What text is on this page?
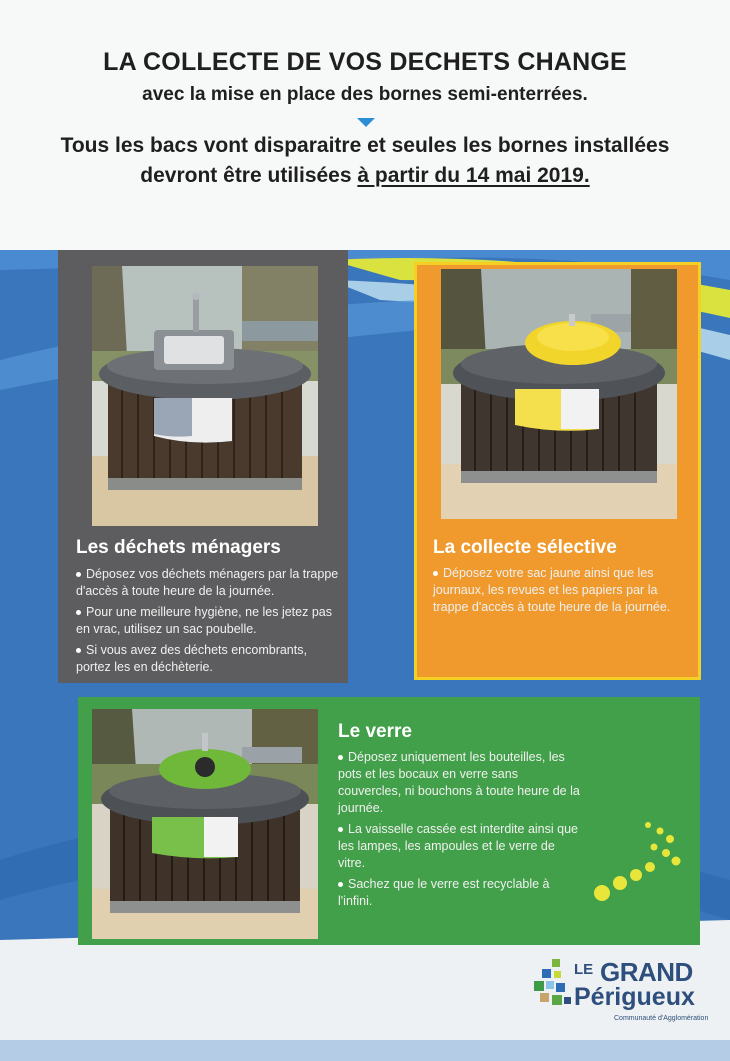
LA COLLECTE DE VOS DECHETS CHANGE
avec la mise en place des bornes semi-enterrées.
Tous les bacs vont disparaitre et seules les bornes installées
devront être utilisées à partir du 14 mai 2019.
Les déchets ménagers
Déposez vos déchets ménagers par la trappe d'accès à toute heure de la journée.
Pour une meilleure hygiène, ne les jetez pas en vrac, utilisez un sac poubelle.
Si vous avez des déchets encombrants, portez les en déchèterie.
La collecte sélective
Déposez votre sac jaune ainsi que les journaux, les revues et les papiers par la trappe d'accès à toute heure de la journée.
Le verre
Déposez uniquement les bouteilles, les pots et les bocaux en verre sans couvercles, ni bouchons à toute heure de la journée.
La vaisselle cassée est interdite ainsi que les lampes, les ampoules et le verre de vitre.
Sachez que le verre est recyclable à l'infini.
LE GRAND
Périgueux
Communauté d'Agglomération
